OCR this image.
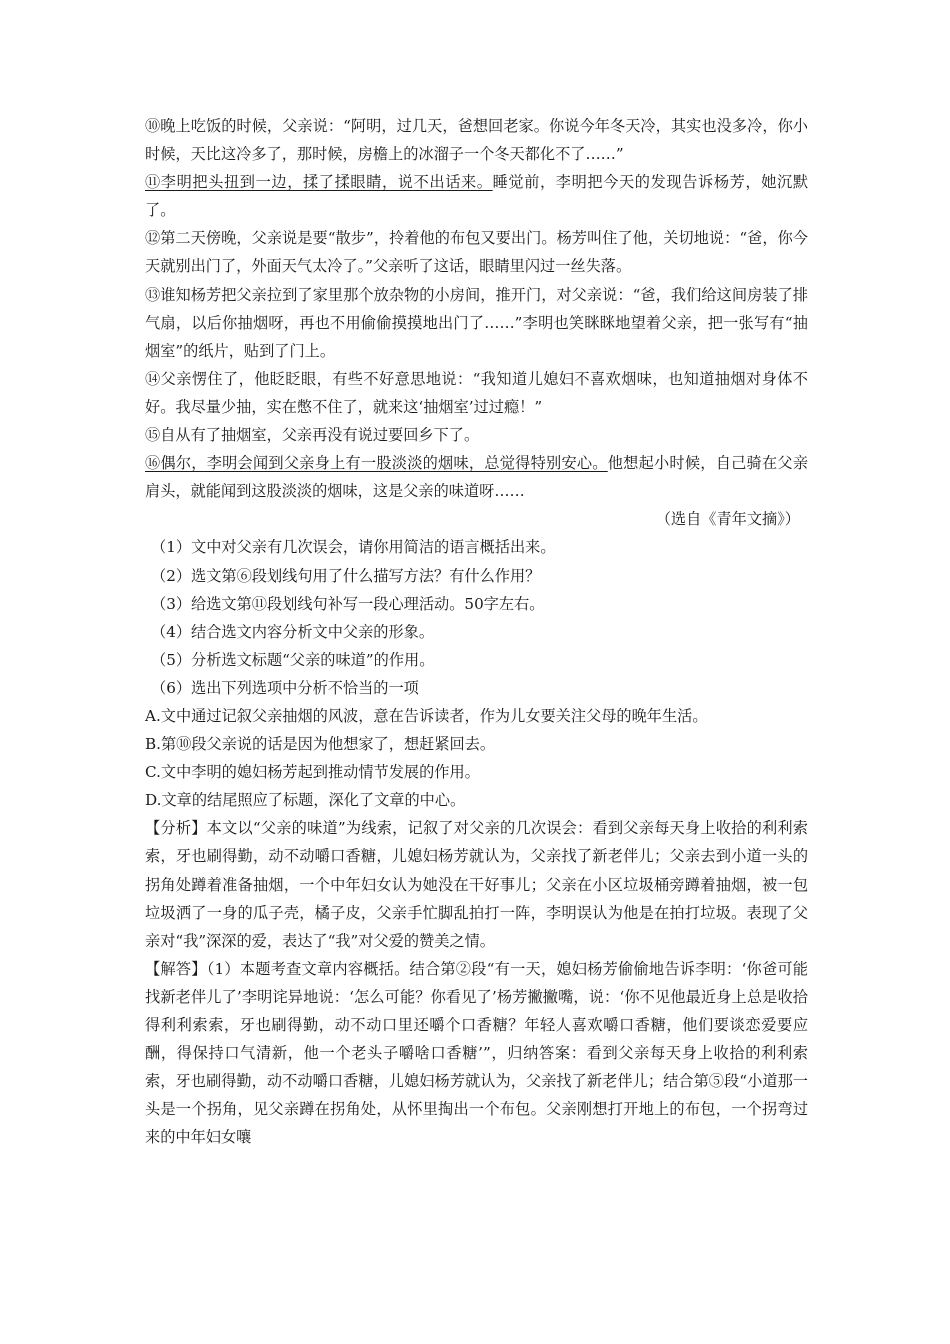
⑩晚上吃饭的时候，父亲说：“阿明，过几天，爸想回老家。你说今年冬天冷，其实也没多冷，你小时候，天比这冷多了，那时候，房檐上的冰溜子一个冬天都化不了……”

⑪李明把头扭到一边，揉了揉眼睛，说不出话来。睡觉前，李明把今天的发现告诉杨芳，她沉默了。

⑫第二天傍晚，父亲说是要“散步”，拎着他的布包又要出门。杨芳叫住了他，关切地说：“爸，你今天就别出门了，外面天气太冷了。”父亲听了这话，眼睛里闪过一丝失落。

⑬谁知杨芳把父亲拉到了家里那个放杂物的小房间，推开门，对父亲说：“爸，我们给这间房装了排气扇，以后你抽烟呀，再也不用偷偷摸摸地出门了……”李明也笑眯眯地望着父亲，把一张写有“抽烟室”的纸片，贴到了门上。

⑭父亲愣住了，他眨眨眼，有些不好意思地说：“我知道儿媳妇不喜欢烟味，也知道抽烟对身体不好。我尽量少抽，实在憋不住了，就来这‘抽烟室’过过瘾！”

⑮自从有了抽烟室，父亲再没有说过要回乡下了。

⑯偶尔，李明会闻到父亲身上有一股淡淡的烟味，总觉得特别安心。他想起小时候，自己骑在父亲肩头，就能闻到这股淡淡的烟味，这是父亲的味道呀……

（选自《青年文摘》）

（1）文中对父亲有几次误会，请你用简洁的语言概括出来。

（2）选文第⑥段划线句用了什么描写方法？有什么作用？

（3）给选文第⑪段划线句补写一段心理活动。50字左右。

（4）结合选文内容分析文中父亲的形象。

（5）分析选文标题“父亲的味道”的作用。

（6）选出下列选项中分析不恰当的一项

A.文中通过记叙父亲抽烟的风波，意在告诉读者，作为儿女要关注父母的晚年生活。

B.第⑩段父亲说的话是因为他想家了，想赶紧回去。

C.文中李明的媳妇杨芳起到推动情节发展的作用。

D.文章的结尾照应了标题，深化了文章的中心。

【分析】本文以“父亲的味道”为线索，记叙了对父亲的几次误会：看到父亲每天身上收拾的利利索索，牙也刷得勤，动不动嚼口香糖，儿媳妇杨芳就认为，父亲找了新老伴儿；父亲去到小道一头的拐角处蹲着准备抽烟，一个中年妇女认为她没在干好事儿；父亲在小区垃圾桶旁蹲着抽烟，被一包垃圾洒了一身的瓜子壳，橘子皮，父亲手忙脚乱拍打一阵，李明误认为他是在拍打垃圾。表现了父亲对“我”深深的爱，表达了“我”对父爱的赞美之情。

【解答】（1）本题考查文章内容概括。结合第②段“有一天，媳妇杨芳偷偷地告诉李明：‘你爸可能找新老伴儿了’李明诧异地说：‘怎么可能？你看见了’杨芳撇撇嘴，说：‘你不见他最近身上总是收拾得利利索索，牙也刷得勤，动不动口里还嚼个口香糖？年轻人喜欢嚼口香糖，他们要谈恋爱要应酬，得保持口气清新，他一个老头子嚼啥口香糖’”，归纳答案：看到父亲每天身上收拾的利利索索，牙也刷得勤，动不动嚼口香糖，儿媳妇杨芳就认为，父亲找了新老伴儿；结合第⑤段“小道那一头是一个拐角，见父亲蹲在拐角处，从怀里掏出一个布包。父亲刚想打开地上的布包，一个拐弯过来的中年妇女嚷
